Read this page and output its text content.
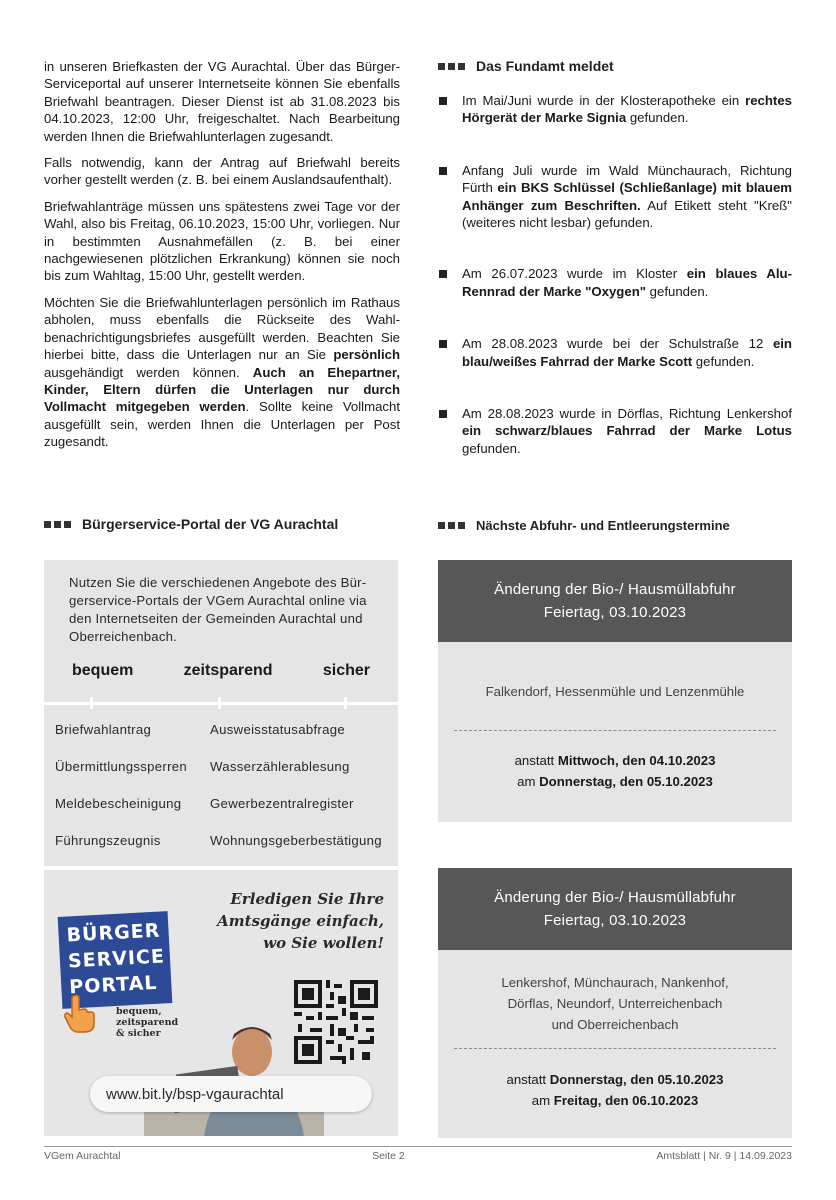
in unseren Briefkasten der VG Aurachtal. Über das Bürger-Serviceportal auf unserer Internetseite können Sie ebenfalls Briefwahl beantragen. Dieser Dienst ist ab 31.08.2023 bis 04.10.2023, 12:00 Uhr, freigeschaltet. Nach Bearbeitung werden Ihnen die Briefwahlunterlagen zugesandt.

Falls notwendig, kann der Antrag auf Briefwahl bereits vorher gestellt werden (z. B. bei einem Auslandsaufenthalt).

Briefwahlanträge müssen uns spätestens zwei Tage vor der Wahl, also bis Freitag, 06.10.2023, 15:00 Uhr, vorliegen. Nur in bestimmten Ausnahmefällen (z. B. bei einer nachgewiesenen plötzlichen Erkrankung) können sie noch bis zum Wahltag, 15:00 Uhr, gestellt werden.

Möchten Sie die Briefwahlunterlagen persönlich im Rathaus abholen, muss ebenfalls die Rückseite des Wahlbenachrichtigungsbriefes ausgefüllt werden. Beachten Sie hierbei bitte, dass die Unterlagen nur an Sie persönlich ausgehändigt werden können. Auch an Ehepartner, Kinder, Eltern dürfen die Unterlagen nur durch Vollmacht mitgegeben werden. Sollte keine Vollmacht ausgefüllt sein, werden Ihnen die Unterlagen per Post zugesandt.

Das Fundamt meldet
Im Mai/Juni wurde in der Klosterapotheke ein rechtes Hörgerät der Marke Signia gefunden.
Anfang Juli wurde im Wald Münchaurach, Richtung Fürth ein BKS Schlüssel (Schließanlage) mit blauem Anhänger zum Beschriften. Auf Etikett steht "Kreß" (weiteres nicht lesbar) gefunden.
Am 26.07.2023 wurde im Kloster ein blaues Alu-Rennrad der Marke "Oxygen" gefunden.
Am 28.08.2023 wurde bei der Schulstraße 12 ein blau/weißes Fahrrad der Marke Scott gefunden.
Am 28.08.2023 wurde in Dörflas, Richtung Lenkershof ein schwarz/blaues Fahrrad der Marke Lotus gefunden.
Bürgerservice-Portal der VG Aurachtal	Nächste Abfuhr- und Entleerungstermine

Nutzen Sie die verschiedenen Angebote des Bürgerservice-Portals der VGem Aurachtal online via den Internetseiten der Gemeinden Aurachtal und Oberreichenbach.

bequem	zeitsparend	sicher
Briefwahlantrag	Ausweisstatusabfrage
Übermittlungssperren	Wasserzählerablesung
Meldebescheinigung	Gewerbezentralregister
Führungszeugnis	Wohnungsgeberbestätigung
Erledigen Sie Ihre
Amtsgänge einfach,
wo Sie wollen!
BÜRGER
SERVICE
PORTAL
bequem,
zeitsparend
& sicher
www.bit.ly/bsp-vgaurachtal
Änderung der Bio-/ Hausmüllabfuhr
Feiertag, 03.10.2023
Falkendorf, Hessenmühle und Lenzenmühle
anstatt Mittwoch, den 04.10.2023
am Donnerstag, den 05.10.2023
Änderung der Bio-/ Hausmüllabfuhr
Feiertag, 03.10.2023
Lenkershof, Münchaurach, Nankenhof,
Dörflas, Neundorf, Unterreichenbach
und Oberreichenbach
anstatt Donnerstag, den 05.10.2023
am Freitag, den 06.10.2023
VGem Aurachtal	Seite 2	Amtsblatt | Nr. 9 | 14.09.2023
